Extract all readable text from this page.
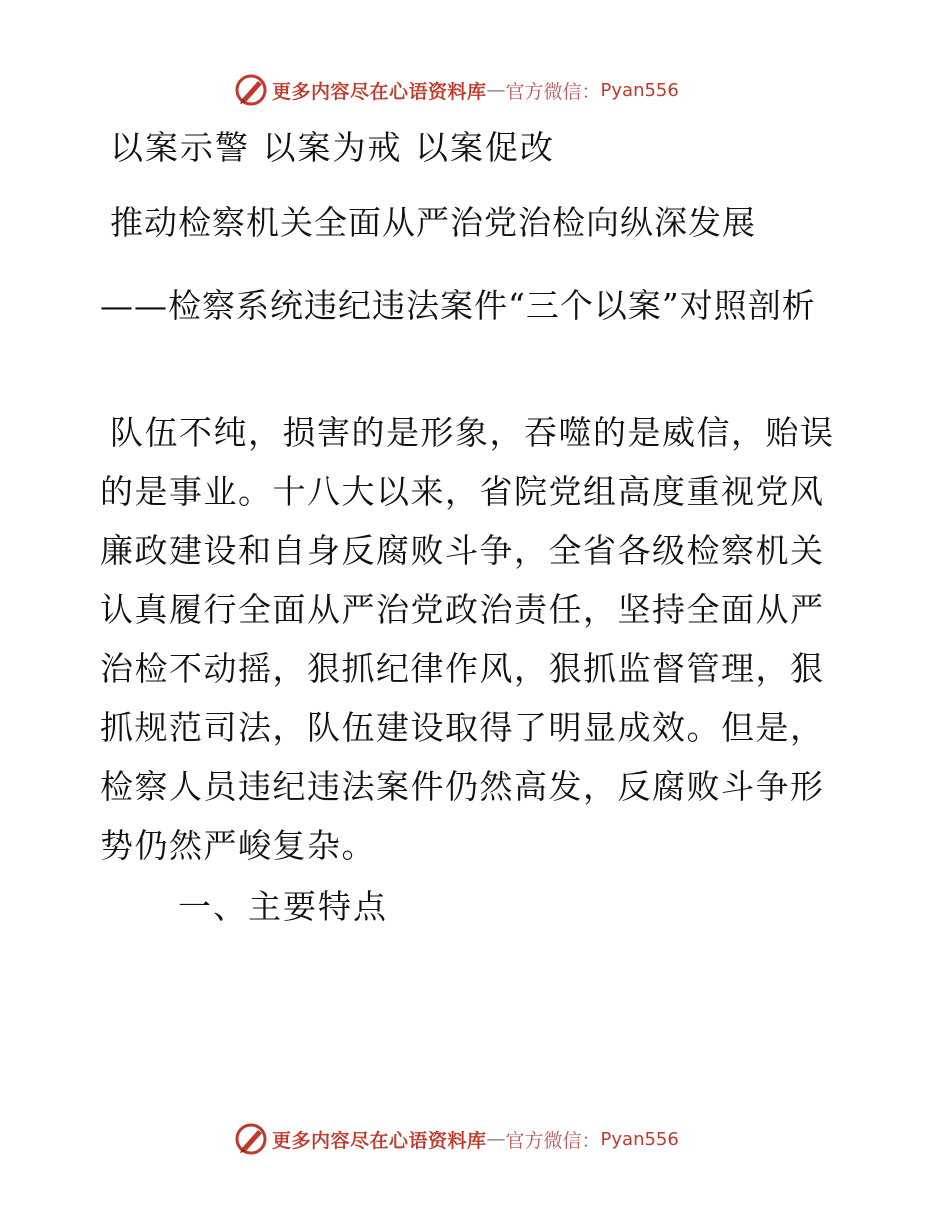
更多内容尽在心语资料库 — 官方微信： Pyan556
以案示警 以案为戒 以案促改
推动检察机关全面从严治党治检向纵深发展
——检察系统违纪违法案件“三个以案”对照剖析
队伍不纯，损害的是形象，吞噬的是威信，贻误的是事业。十八大以来，省院党组高度重视党风廉政建设和自身反腐败斗争，全省各级检察机关认真履行全面从严治党政治责任，坚持全面从严治检不动摇，狠抓纪律作风，狠抓监督管理，狠抓规范司法，队伍建设取得了明显成效。但是，检察人员违纪违法案件仍然高发，反腐败斗争形势仍然严峻复杂。
一、主要特点
更多内容尽在心语资料库 — 官方微信： Pyan556
